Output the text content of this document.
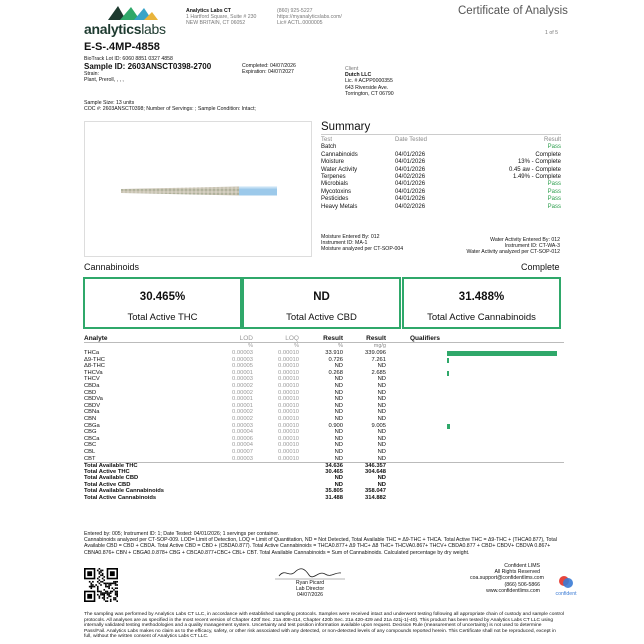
analyticslabs
Analytics Labs CT
1 Hartford Square, Suite # 230
NEW BRITAIN, CT 06052
(860) 925-5227
https://myanalyticslabs.com/
Lic# ACTL.0000005
Certificate of Analysis
1 of 5
E-S-.4MP-4858
BioTrack Lot ID: 6060 8851 0327 4858
Sample ID: 2603ANSCT0398-2700
Strain:
Plant, Preroll, , , ,
Completed: 04/07/2026
Expiration: 04/07/2027
Client
Dutch LLC
Lic. # ACPP0000355
643 Riverside Ave.
Torrington, CT 06790
Sample Size: 13 units
COC #: 2603ANSCT0398; Number of Servings: ; Sample Condition: Intact;
Summary
Test	Date Tested	Result
Batch	Pass
Cannabinoids	04/01/2026	Complete
Moisture	04/01/2026	13% - Complete
Water Activity	04/01/2026	0.45 aw - Complete
Terpenes	04/02/2026	1.49% - Complete
Microbials	04/01/2026	Pass
Mycotoxins	04/01/2026	Pass
Pesticides	04/01/2026	Pass
Heavy Metals	04/02/2026	Pass
Moisture Entered By: 012
Instrument ID: MA-1
Moisture analyzed per CT-SOP-004
Water Activity Entered By: 012
Instrument ID: CT-WA-3
Water Activity analyzed per CT-SOP-012
Cannabinoids	Complete
30.465%
Total Active THC
ND
Total Active CBD
31.488%
Total Active Cannabinoids
Analyte	LOD	LOQ	Result	Result	Qualifiers
%	%	%	mg/g
THCa	0.00003	0.00010	33.910	339.096
Δ9-THC	0.00003	0.00010	0.726	7.261
Δ8-THC	0.00005	0.00010	ND	ND
THCVa	0.00001	0.00010	0.268	2.685
THCV	0.00003	0.00010	ND	ND
CBDa	0.00002	0.00010	ND	ND
CBD	0.00002	0.00010	ND	ND
CBDVa	0.00001	0.00010	ND	ND
CBDV	0.00001	0.00010	ND	ND
CBNa	0.00002	0.00010	ND	ND
CBN	0.00002	0.00010	ND	ND
CBGa	0.00003	0.00010	0.900	9.005
CBG	0.00004	0.00010	ND	ND
CBCa	0.00006	0.00010	ND	ND
CBC	0.00004	0.00010	ND	ND
CBL	0.00007	0.00010	ND	ND
CBT	0.00003	0.00010	ND	ND
Total Available THC	34.636	346.357
Total Active THC	30.465	304.648
Total Available CBD	ND	ND
Total Active CBD	ND	ND
Total Available Cannabinoids	35.805	358.047
Total Active Cannabinoids	31.488	314.882
Entered by: 005; Instrument ID: 1; Date Tested: 04/01/2026; 1 servings per container.
Cannabinoids analyzed per CT-SOP-009. LOD= Limit of Detection, LOQ = Limit of Quantitation, ND = Not Detected, Total Available THC = Δ9-THC + THCA. Total Active THC = Δ9-THC + (THCA0.877), Total Available CBD = CBD + CBDA. Total Active CBD = CBD + (CBDA0.877). Total Active Cannabinoids = THCA0.877+ Δ9 THC+ Δ8 THC+ THCVA0.867+ THCV+ CBDA0.877 + CBD+ CBDV+ CBDVA 0.867+ CBNA0.876+ CBN + CBGA0.0.878+ CBG + CBCA0.877+CBC+ CBL+ CBT. Total Available Cannabinoids = Sum of Cannabinoids. Calculated percentage by dry weight.
Ryan Picard
Lab Director
04/07/2026
Confident LIMS
All Rights Reserved
coa.support@confidentlims.com
(866) 506-5866
www.confidentlims.com
confident
The sampling was performed by Analytics Labs CT LLC, in accordance with established sampling protocols. Samples were received intact and underwent testing following all appropriate chain of custody and sample control protocols. All analyses are as specified in the most recent version of Chapter 420f Sec. 21a 408-414, Chapter 420b Sec. 21a 420-429 and 21a 421j-1(-40). This product has been tested by Analytics Labs CT LLC using internally validated testing methodologies and a quality management system. Uncertainty and test position information available upon request. Decision Rule (measurement of uncertainty) is not used to determine Pass/Fail. Analytics Labs makes no claim as to the efficacy, safety, or other risk associated with any detected, or non-detected levels of any compounds reported herein. This Certificate shall not be reproduced, except in full, without the written consent of Analytics Labs CT LLC.
